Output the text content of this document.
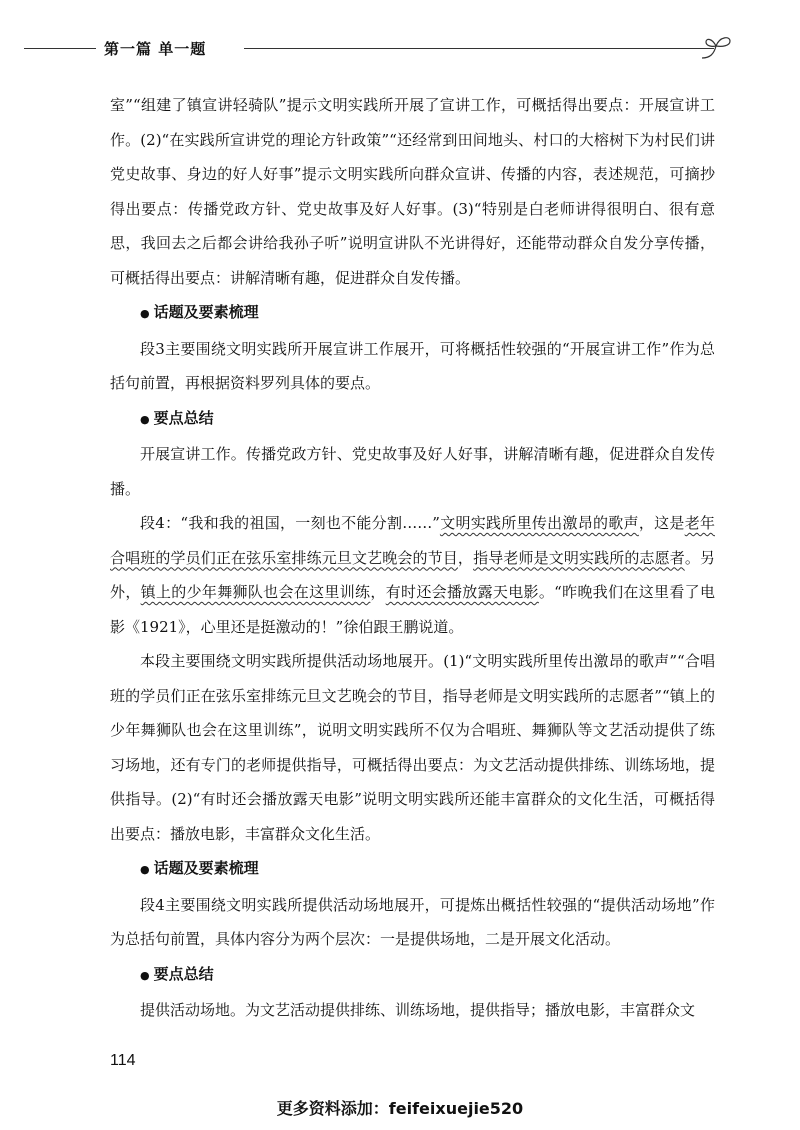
第一篇 单一题

室”“组建了镇宣讲轻骑队”提示文明实践所开展了宣讲工作，可概括得出要点：开展宣讲工作。(2)“在实践所宣讲党的理论方针政策”“还经常到田间地头、村口的大榕树下为村民们讲党史故事、身边的好人好事”提示文明实践所向群众宣讲、传播的内容，表述规范，可摘抄得出要点：传播党政方针、党史故事及好人好事。(3)“特别是白老师讲得很明白、很有意思，我回去之后都会讲给我孙子听”说明宣讲队不光讲得好，还能带动群众自发分享传播，可概括得出要点：讲解清晰有趣，促进群众自发传播。

● 话题及要素梳理

段3主要围绕文明实践所开展宣讲工作展开，可将概括性较强的“开展宣讲工作”作为总括句前置，再根据资料罗列具体的要点。

● 要点总结

开展宣讲工作。传播党政方针、党史故事及好人好事，讲解清晰有趣，促进群众自发传播。

段4：“我和我的祖国，一刻也不能分割……”文明实践所里传出激昂的歌声，这是老年合唱班的学员们正在弦乐室排练元旦文艺晚会的节目，指导老师是文明实践所的志愿者。另外，镇上的少年舞狮队也会在这里训练，有时还会播放露天电影。“昨晚我们在这里看了电影《1921》，心里还是挺激动的！”徐伯跟王鹏说道。

本段主要围绕文明实践所提供活动场地展开。(1)“文明实践所里传出激昂的歌声”“合唱班的学员们正在弦乐室排练元旦文艺晚会的节目，指导老师是文明实践所的志愿者”“镇上的少年舞狮队也会在这里训练”，说明文明实践所不仅为合唱班、舞狮队等文艺活动提供了练习场地，还有专门的老师提供指导，可概括得出要点：为文艺活动提供排练、训练场地，提供指导。(2)“有时还会播放露天电影”说明文明实践所还能丰富群众的文化生活，可概括得出要点：播放电影，丰富群众文化生活。

● 话题及要素梳理

段4主要围绕文明实践所提供活动场地展开，可提炼出概括性较强的“提供活动场地”作为总括句前置，具体内容分为两个层次：一是提供场地，二是开展文化活动。

● 要点总结

提供活动场地。为文艺活动提供排练、训练场地，提供指导；播放电影，丰富群众文

114
更多资料添加：feifeixuejie520
